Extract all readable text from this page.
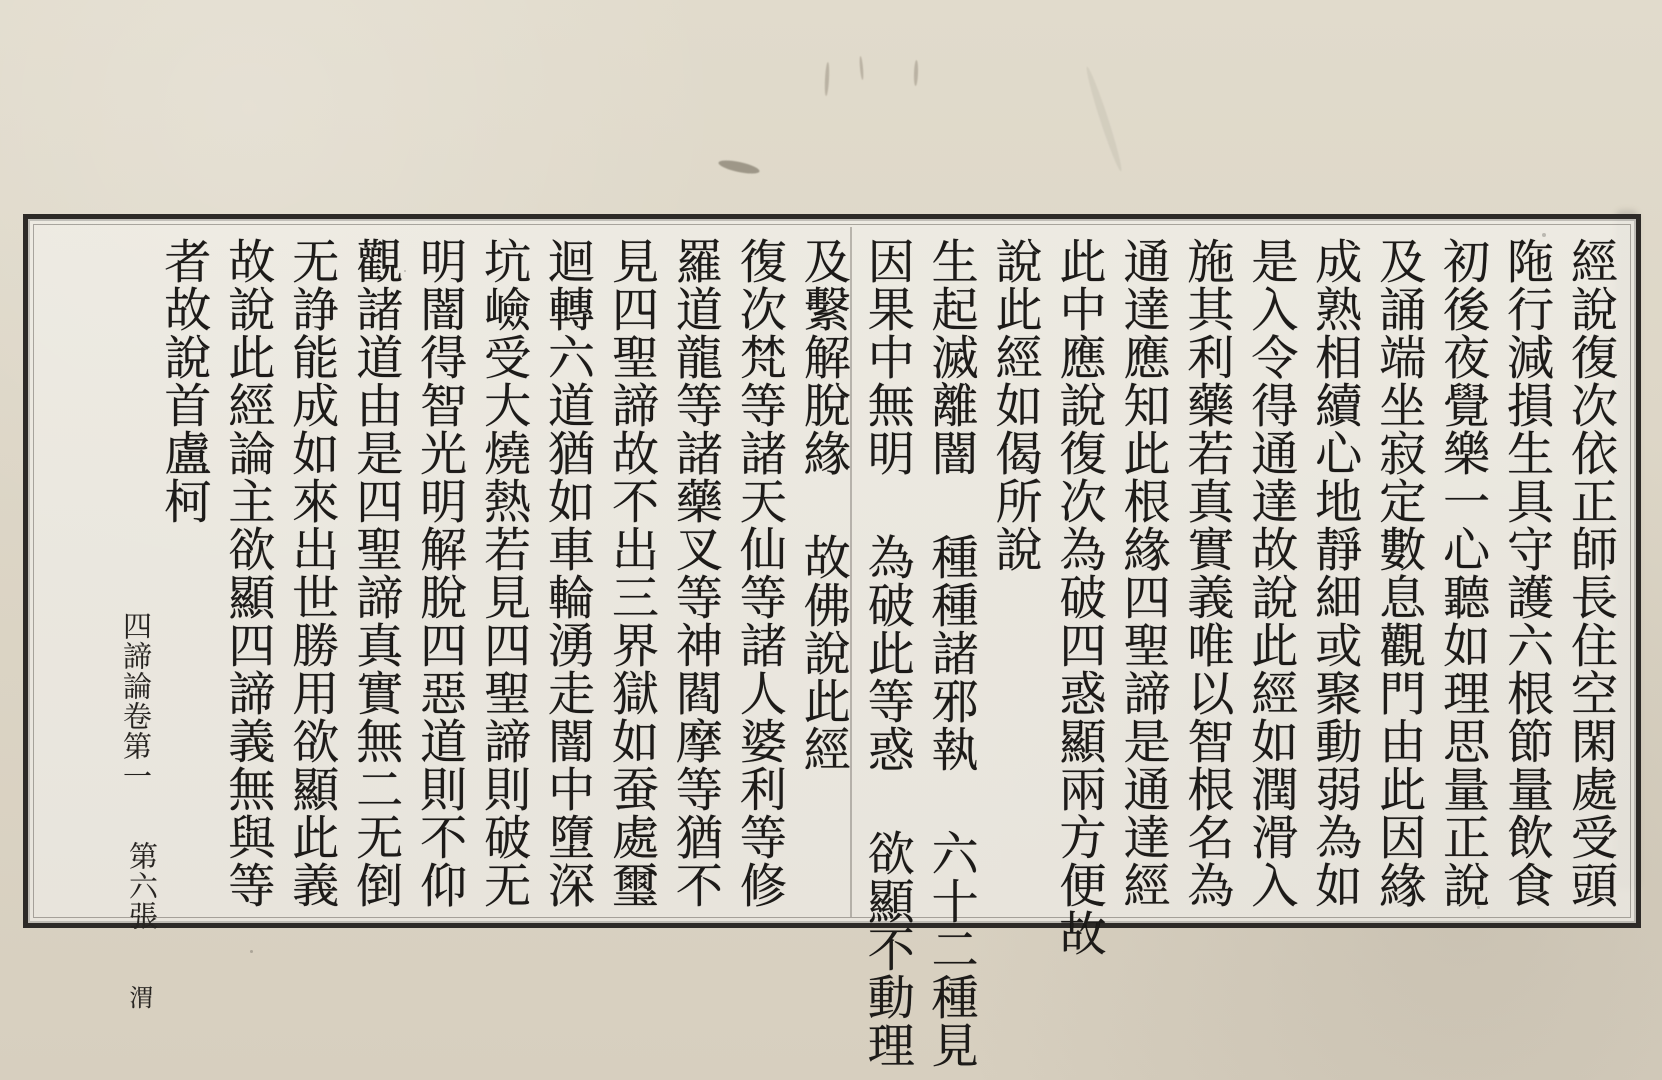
經說復次依正師長住空閑處受頭
陁行減損生具守護六根節量飲食
初後夜覺樂一心聽如理思量正說
及誦端坐寂定數息觀門由此因緣
成熟相續心地靜細或聚動弱為如
是入令得通達故說此經如潤滑入
施其利藥若真實義唯以智根名為
通達應知此根緣四聖諦是通達經
此中應說復次為破四惑顯兩方便故
說此經如偈所說
生起滅離闇 種種諸邪執 六十二種見
因果中無明 為破此等惑 欲顯不動理
及繫解脫緣 故佛說此經
復次梵等諸天仙等諸人婆利等修
羅道龍等諸藥叉等神閻摩等猶不
見四聖諦故不出三界獄如蚕處璽
迴轉六道猶如車輪湧走闇中墮深
坑嶮受大燒熱若見四聖諦則破无
明闇得智光明解脫四惡道則不仰
觀諸道由是四聖諦真實無二无倒
无諍能成如來出世勝用欲顯此義
故說此經論主欲顯四諦義無與等
者故說首盧柯
四諦論卷第一
第六張
渭
